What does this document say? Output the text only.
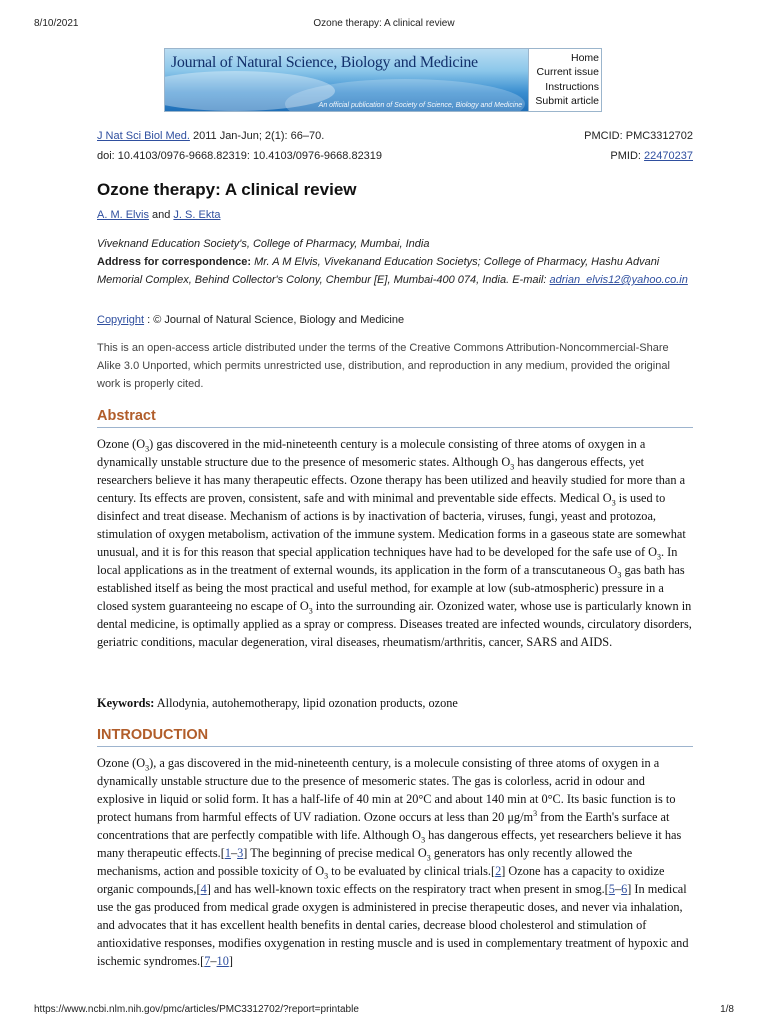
8/10/2021	Ozone therapy: A clinical review
Journal of Natural Science, Biology and Medicine
An official publication of Society of Science, Biology and Medicine
Home
Current issue
Instructions
Submit article
J Nat Sci Biol Med. 2011 Jan-Jun; 2(1): 66–70.	PMCID: PMC3312702
doi: 10.4103/0976-9668.82319: 10.4103/0976-9668.82319	PMID: 22470237
Ozone therapy: A clinical review
A. M. Elvis and J. S. Ekta
Viveknand Education Society's, College of Pharmacy, Mumbai, India
Address for correspondence: Mr. A M Elvis, Vivekanand Education Societys; College of Pharmacy, Hashu Advani Memorial Complex, Behind Collector's Colony, Chembur [E], Mumbai-400 074, India. E-mail: adrian_elvis12@yahoo.co.in
Copyright : © Journal of Natural Science, Biology and Medicine
This is an open-access article distributed under the terms of the Creative Commons Attribution-Noncommercial-Share Alike 3.0 Unported, which permits unrestricted use, distribution, and reproduction in any medium, provided the original work is properly cited.
Abstract

Ozone $(O_3)$ gas discovered in the mid-nineteenth century is a molecule consisting of three atoms of oxygen in a dynamically unstable structure due to the presence of mesomeric states. Although $O_3$ has dangerous effects, yet researchers believe it has many therapeutic effects. Ozone therapy has been utilized and heavily studied for more than a century. Its effects are proven, consistent, safe and with minimal and preventable side effects. Medical $O_3$ is used to disinfect and treat disease. Mechanism of actions is by inactivation of bacteria, viruses, fungi, yeast and protozoa, stimulation of oxygen metabolism, activation of the immune system. Medication forms in a gaseous state are somewhat unusual, and it is for this reason that special application techniques have had to be developed for the safe use of $O_3$. In local applications as in the treatment of external wounds, its application in the form of a transcutaneous $O_3$ gas bath has established itself as being the most practical and useful method, for example at low (sub-atmospheric) pressure in a closed system guaranteeing no escape of $O_3$ into the surrounding air. Ozonized water, whose use is particularly known in dental medicine, is optimally applied as a spray or compress. Diseases treated are infected wounds, circulatory disorders, geriatric conditions, macular degeneration, viral diseases, rheumatism/arthritis, cancer, SARS and AIDS.

Keywords: Allodynia, autohemotherapy, lipid ozonation products, ozone
INTRODUCTION

Ozone $(O_3)$, a gas discovered in the mid-nineteenth century, is a molecule consisting of three atoms of oxygen in a dynamically unstable structure due to the presence of mesomeric states. The gas is colorless, acrid in odour and explosive in liquid or solid form. It has a half-life of 40 min at 20°C and about 140 min at 0°C. Its basic function is to protect humans from harmful effects of UV radiation. Ozone occurs at less than 20 $\mu g/m^3$ from the Earth's surface at concentrations that are perfectly compatible with life. Although $O_3$ has dangerous effects, yet researchers believe it has many therapeutic effects.[1–3] The beginning of precise medical $O_3$ generators has only recently allowed the mechanisms, action and possible toxicity of $O_3$ to be evaluated by clinical trials.[2] Ozone has a capacity to oxidize organic compounds,[4] and has well-known toxic effects on the respiratory tract when present in smog.[5–6] In medical use the gas produced from medical grade oxygen is administered in precise therapeutic doses, and never via inhalation, and advocates that it has excellent health benefits in dental caries, decrease blood cholesterol and stimulation of antioxidative responses, modifies oxygenation in resting muscle and is used in complementary treatment of hypoxic and ischemic syndromes.[7–10]

https://www.ncbi.nlm.nih.gov/pmc/articles/PMC3312702/?report=printable	1/8
